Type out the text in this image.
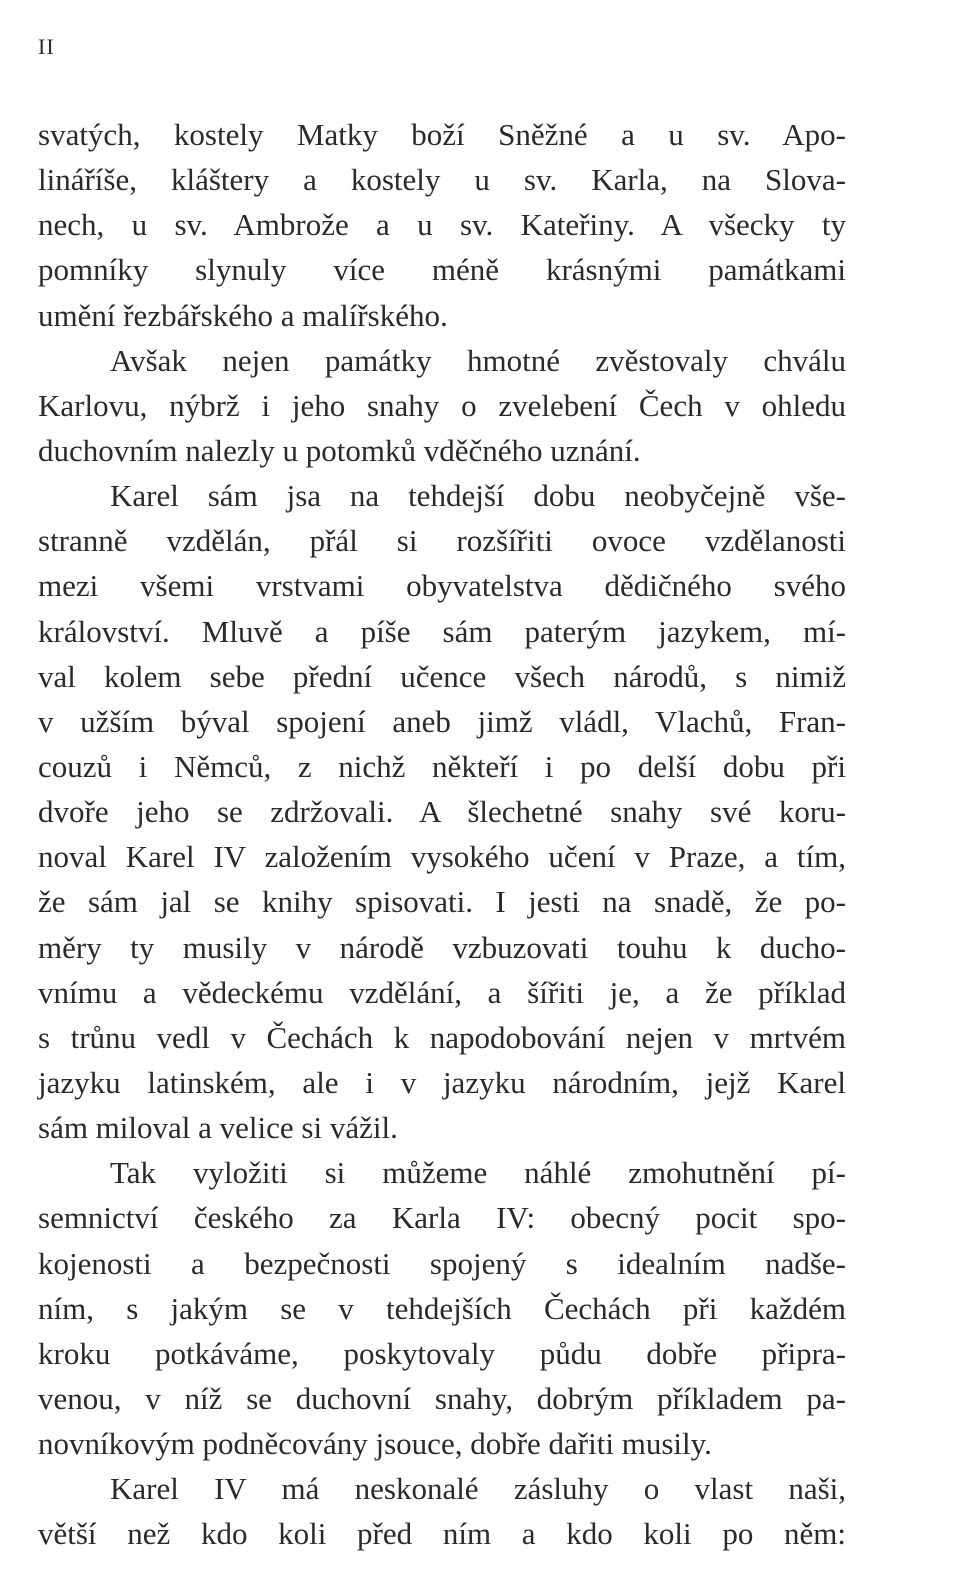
II
svatých, kostely Matky boží Sněžné a u sv. Apo-
lináříše, kláštery a kostely u sv. Karla, na Slova-
nech, u sv. Ambrože a u sv. Kateřiny. A všecky ty
pomníky slynuly více méně krásnými památkami
umění řezbářského a malířského.
Avšak nejen památky hmotné zvěstovaly chválu
Karlovu, nýbrž i jeho snahy o zvelebení Čech v ohledu
duchovním nalezly u potomků vděčného uznání.
Karel sám jsa na tehdejší dobu neobyčejně vše-
stranně vzdělán, přál si rozšířiti ovoce vzdělanosti
mezi všemi vrstvami obyvatelstva dědičného svého
království. Mluvě a píše sám paterým jazykem, mí-
val kolem sebe přední učence všech národů, s nimiž
v užším býval spojení aneb jimž vládl, Vlachů, Fran-
couzů i Němců, z nichž někteří i po delší dobu při
dvoře jeho se zdržovali. A šlechetné snahy své koru-
noval Karel IV založením vysokého učení v Praze, a tím,
že sám jal se knihy spisovati. I jesti na snadě, že po-
měry ty musily v národě vzbuzovati touhu k ducho-
vnímu a vědeckému vzdělání, a šířiti je, a že příklad
s trůnu vedl v Čechách k napodobování nejen v mrtvém
jazyku latinském, ale i v jazyku národním, jejž Karel
sám miloval a velice si vážil.
Tak vyložiti si můžeme náhlé zmohutnění pí-
semnictví českého za Karla IV: obecný pocit spo-
kojenosti a bezpečnosti spojený s idealním nadše-
ním, s jakým se v tehdejších Čechách při každém
kroku potkáváme, poskytovaly půdu dobře připra-
venou, v níž se duchovní snahy, dobrým příkladem pa-
novníkovým podněcovány jsouce, dobře dařiti musily.
Karel IV má neskonalé zásluhy o vlast naši,
větší než kdo koli před ním a kdo koli po něm:
